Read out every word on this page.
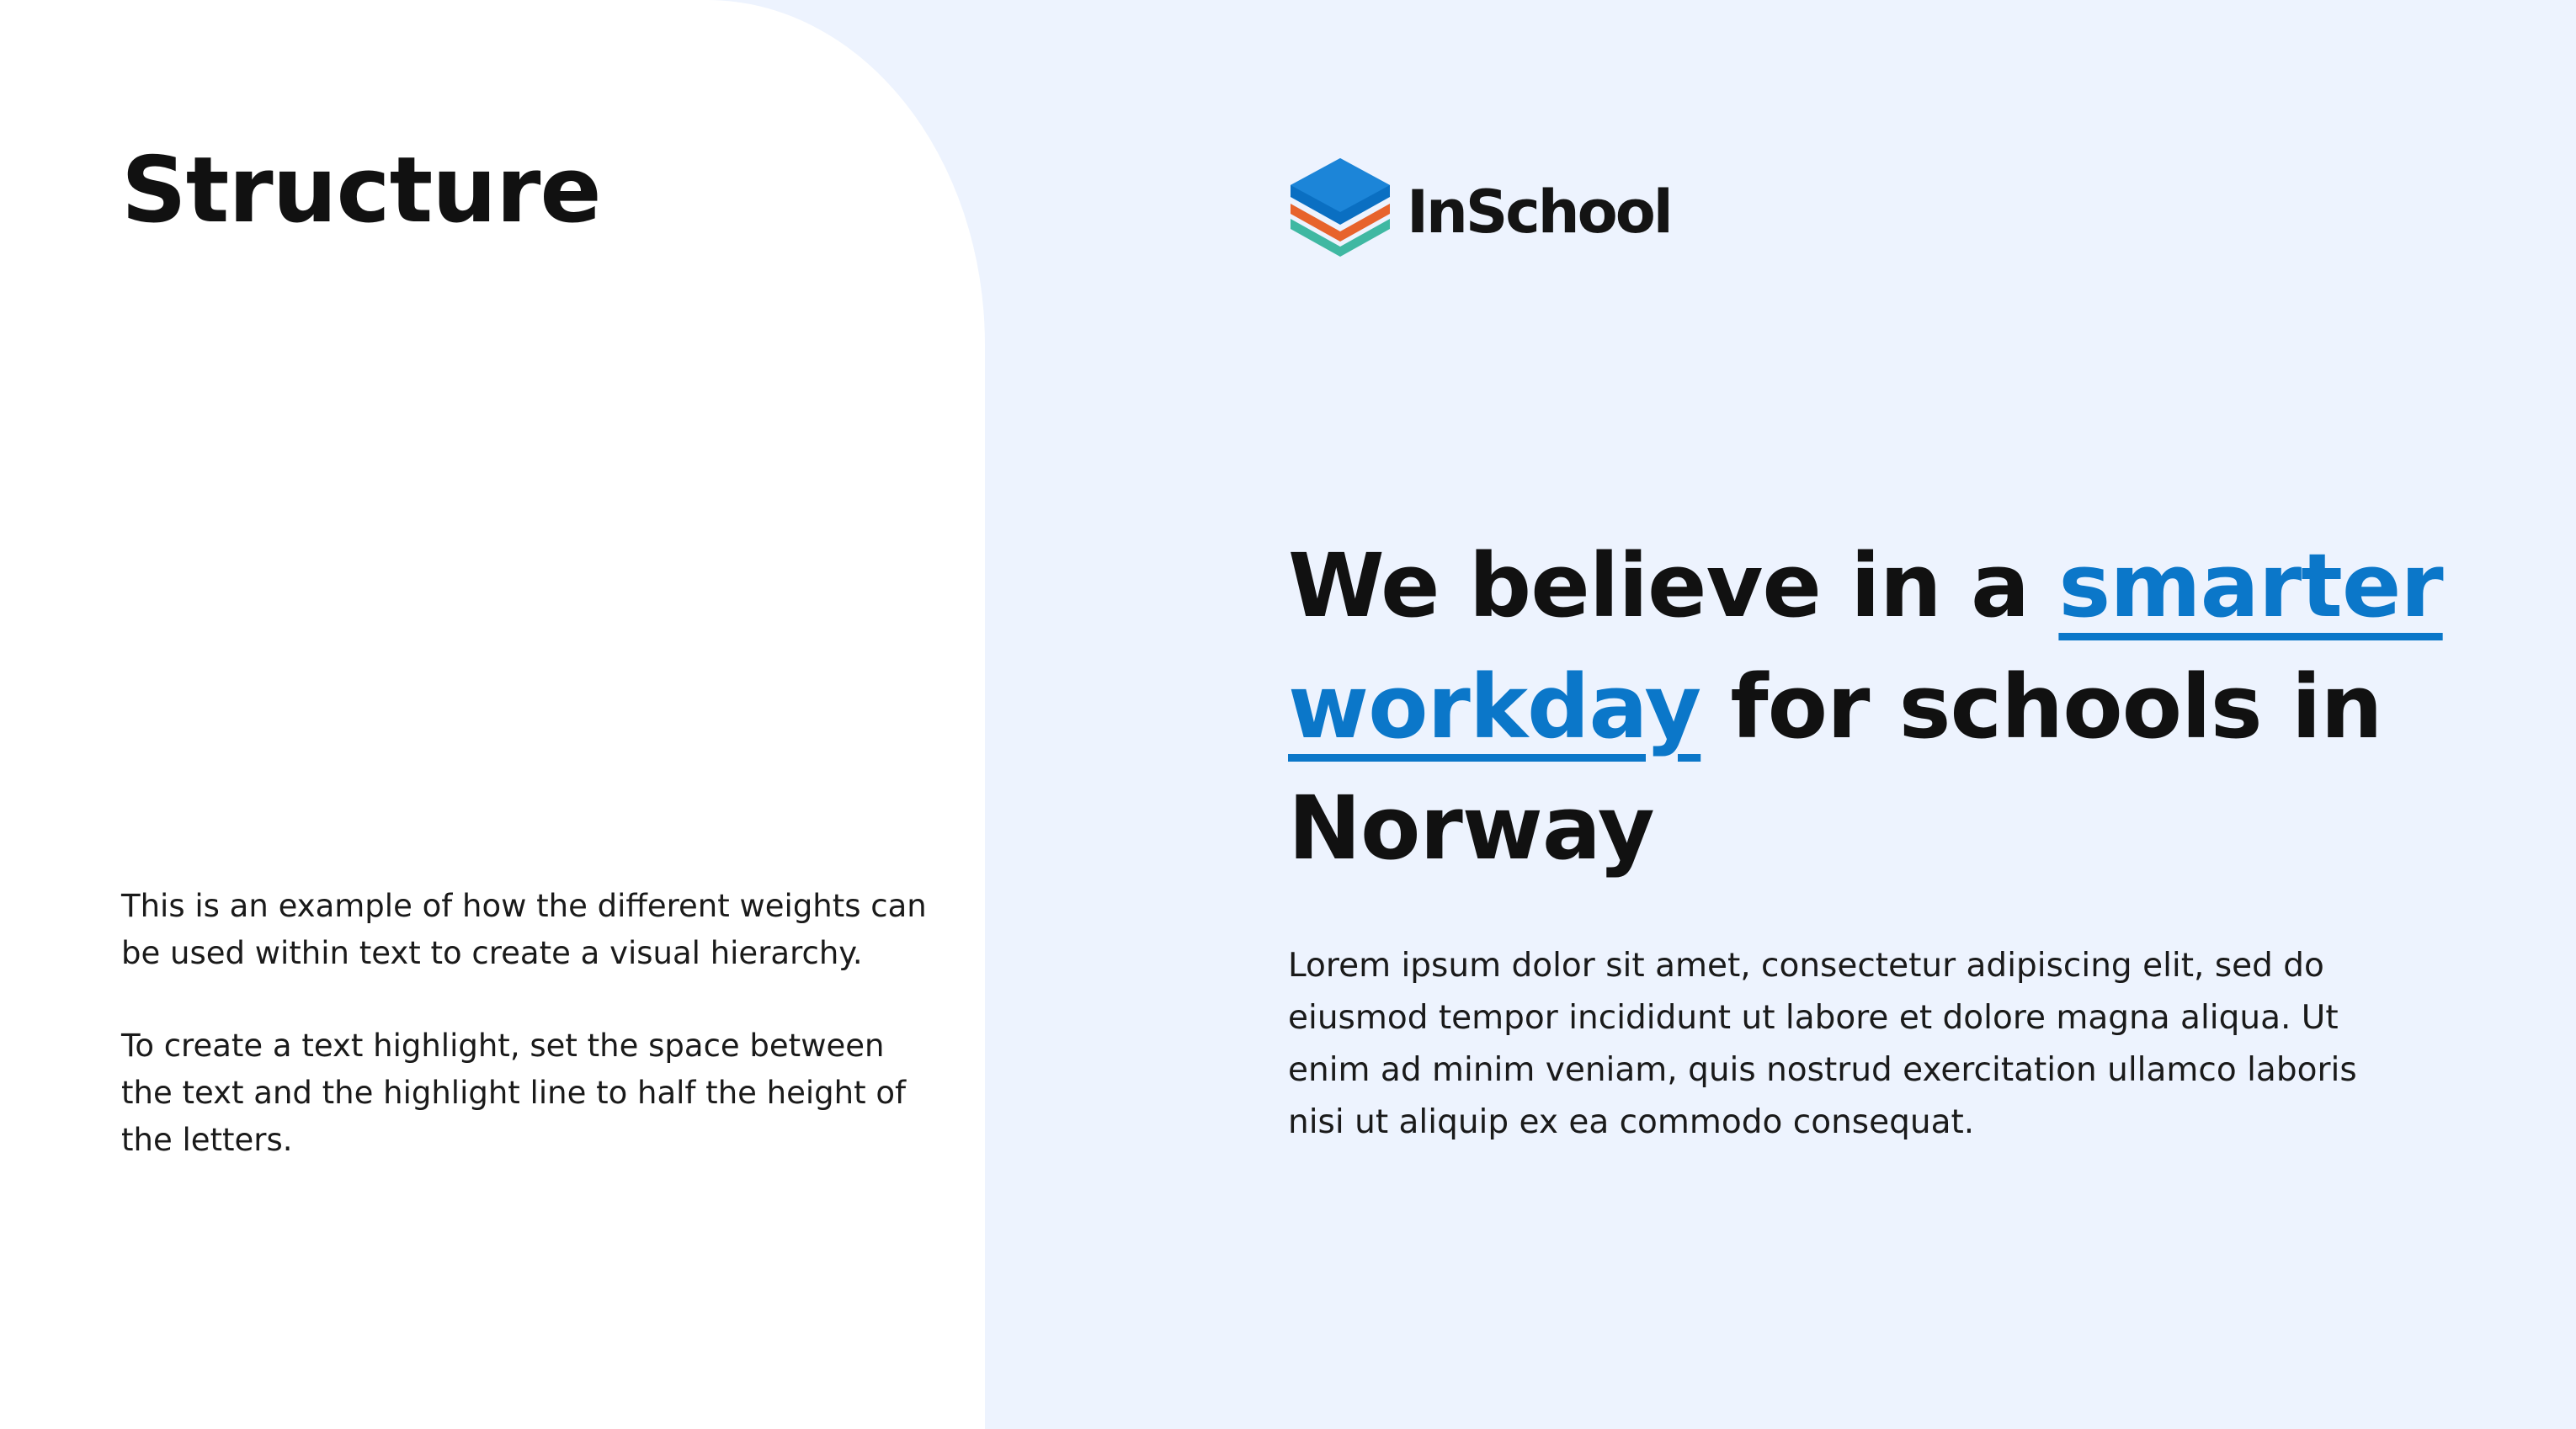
Structure

This is an example of how the different weights can be used within text to create a visual hierarchy.

To create a text highlight, set the space between the text and the highlight line to half the height of the letters.

InSchool
We believe in a smarter workday for schools in Norway

Lorem ipsum dolor sit amet, consectetur adipiscing elit, sed do eiusmod tempor incididunt ut labore et dolore magna aliqua. Ut enim ad minim veniam, quis nostrud exercitation ullamco laboris nisi ut aliquip ex ea commodo consequat.
